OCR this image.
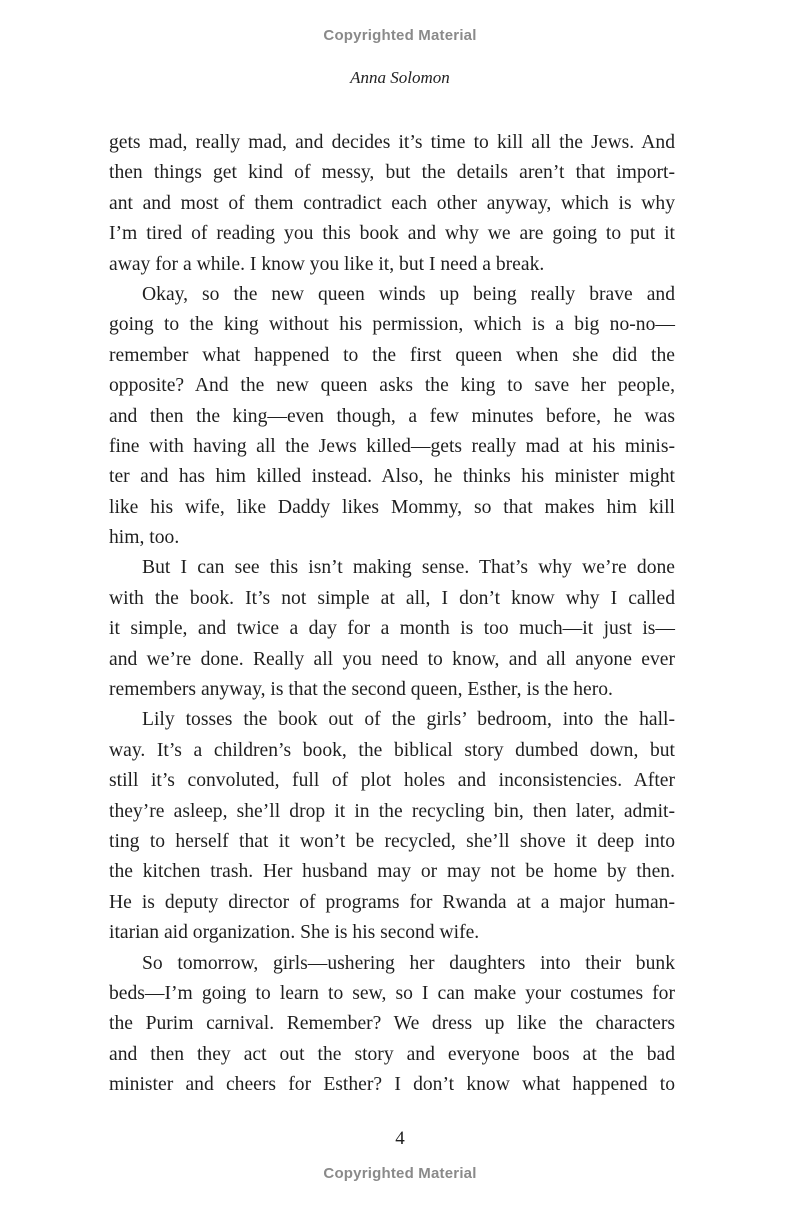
Copyrighted Material
Anna Solomon
gets mad, really mad, and decides it’s time to kill all the Jews. And
then things get kind of messy, but the details aren’t that import-
ant and most of them contradict each other anyway, which is why
I’m tired of reading you this book and why we are going to put it
away for a while. I know you like it, but I need a break.
Okay, so the new queen winds up being really brave and
going to the king without his permission, which is a big no-no—
remember what happened to the first queen when she did the
opposite? And the new queen asks the king to save her people,
and then the king—even though, a few minutes before, he was
fine with having all the Jews killed—gets really mad at his minis-
ter and has him killed instead. Also, he thinks his minister might
like his wife, like Daddy likes Mommy, so that makes him kill
him, too.
But I can see this isn’t making sense. That’s why we’re done
with the book. It’s not simple at all, I don’t know why I called
it simple, and twice a day for a month is too much—it just is—
and we’re done. Really all you need to know, and all anyone ever
remembers anyway, is that the second queen, Esther, is the hero.
Lily tosses the book out of the girls’ bedroom, into the hall-
way. It’s a children’s book, the biblical story dumbed down, but
still it’s convoluted, full of plot holes and inconsistencies. After
they’re asleep, she’ll drop it in the recycling bin, then later, admit-
ting to herself that it won’t be recycled, she’ll shove it deep into
the kitchen trash. Her husband may or may not be home by then.
He is deputy director of programs for Rwanda at a major human-
itarian aid organization. She is his second wife.
So tomorrow, girls—ushering her daughters into their bunk
beds—I’m going to learn to sew, so I can make your costumes for
the Purim carnival. Remember? We dress up like the characters
and then they act out the story and everyone boos at the bad
minister and cheers for Esther? I don’t know what happened to
4
Copyrighted Material
